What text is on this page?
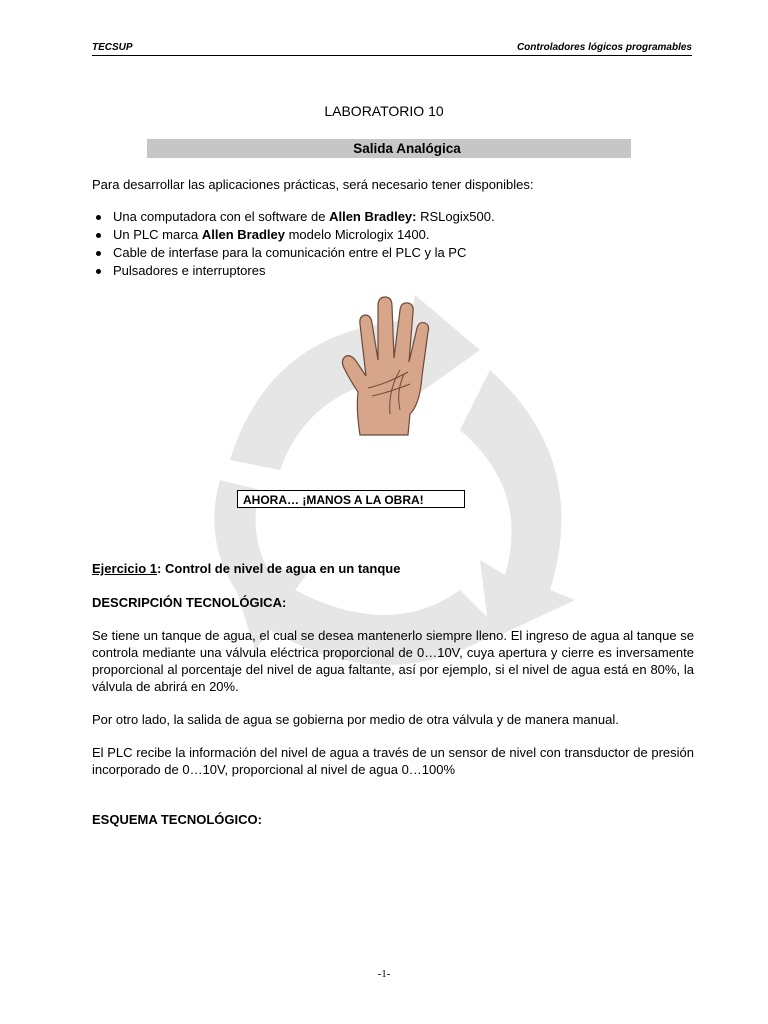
TECSUP	Controladores lógicos programables
LABORATORIO 10
Salida Analógica
Para desarrollar las aplicaciones prácticas, será necesario tener disponibles:
Una computadora con el software de Allen Bradley: RSLogix500.
Un PLC marca Allen Bradley modelo Micrologix 1400.
Cable de interfase para la comunicación entre el PLC y la PC
Pulsadores e interruptores
AHORA… ¡MANOS A LA OBRA!
Ejercicio 1: Control de nivel de agua en un tanque
DESCRIPCIÓN TECNOLÓGICA:
Se tiene un tanque de agua, el cual se desea mantenerlo siempre lleno. El ingreso de agua al tanque se controla mediante una válvula eléctrica proporcional de 0…10V, cuya apertura y cierre es inversamente proporcional al porcentaje del nivel de agua faltante, así por ejemplo, si el nivel de agua está en 80%, la válvula de abrirá en 20%.
Por otro lado, la salida de agua se gobierna por medio de otra válvula y de manera manual.
El PLC recibe la información del nivel de agua a través de un sensor de nivel con transductor de presión incorporado de 0…10V, proporcional al nivel de agua 0…100%
ESQUEMA TECNOLÓGICO:
-1-
